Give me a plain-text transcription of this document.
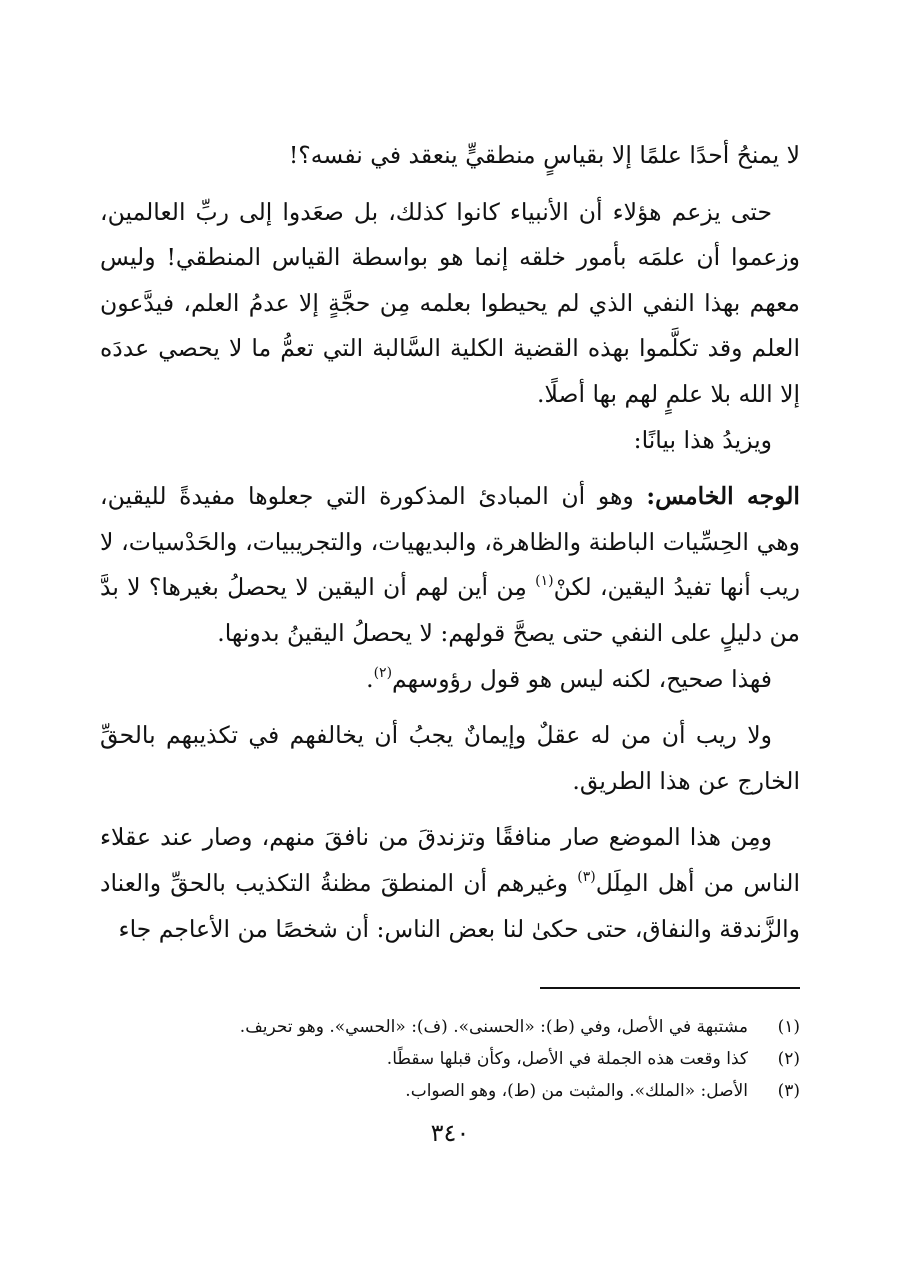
لا يمنحُ أحدًا علمًا إلا بقياسٍ منطقيٍّ ينعقد في نفسه؟!

حتى يزعم هؤلاء أن الأنبياء كانوا كذلك، بل صعَدوا إلى ربِّ العالمين، وزعموا أن علمَه بأمور خلقه إنما هو بواسطة القياس المنطقي! وليس معهم بهذا النفي الذي لم يحيطوا بعلمه مِن حجَّةٍ إلا عدمُ العلم، فيدَّعون العلم وقد تكلَّموا بهذه القضية الكلية السَّالبة التي تعمُّ ما لا يحصي عددَه إلا الله بلا علمٍ لهم بها أصلًا.

ويزيدُ هذا بيانًا:

الوجه الخامس: وهو أن المبادئ المذكورة التي جعلوها مفيدةً لليقين، وهي الحِسِّيات الباطنة والظاهرة، والبديهيات، والتجريبيات، والحَدْسيات، لا ريب أنها تفيدُ اليقين، لكنْ$^{(١)}$ مِن أين لهم أن اليقين لا يحصلُ بغيرها؟ لا بدَّ من دليلٍ على النفي حتى يصحَّ قولهم: لا يحصلُ اليقينُ بدونها.

فهذا صحيح، لكنه ليس هو قول رؤوسهم$^{(٢)}$.

ولا ريب أن من له عقلٌ وإيمانٌ يجبُ أن يخالفهم في تكذيبهم بالحقِّ الخارج عن هذا الطريق.

ومِن هذا الموضع صار منافقًا وتزندقَ من نافقَ منهم، وصار عند عقلاء الناس من أهل المِلَل$^{(٣)}$ وغيرهم أن المنطقَ مظنةُ التكذيب بالحقِّ والعناد والزَّندقة والنفاق، حتى حكىٰ لنا بعض الناس: أن شخصًا من الأعاجم جاء

(١)
مشتبهة في الأصل، وفي (ط): «الحسنى». (ف): «الحسي». وهو تحريف.
(٢)
كذا وقعت هذه الجملة في الأصل، وكأن قبلها سقطًا.
(٣)
الأصل: «الملك». والمثبت من (ط)، وهو الصواب.
٣٤٠
